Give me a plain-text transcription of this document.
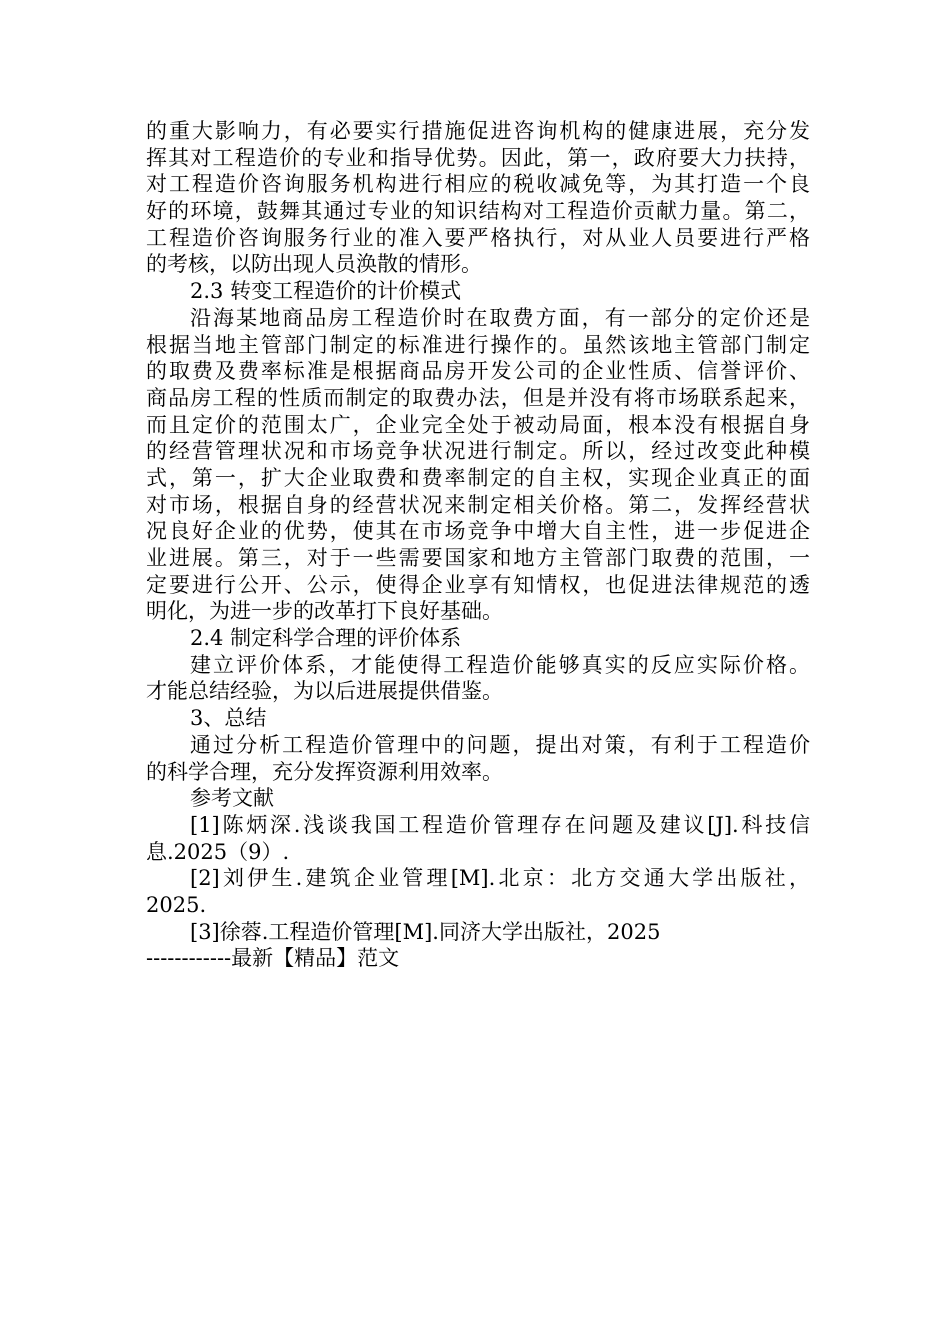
的重大影响力，有必要实行措施促进咨询机构的健康进展，充分发
挥其对工程造价的专业和指导优势。因此，第一，政府要大力扶持，
对工程造价咨询服务机构进行相应的税收减免等，为其打造一个良
好的环境，鼓舞其通过专业的知识结构对工程造价贡献力量。第二，
工程造价咨询服务行业的准入要严格执行，对从业人员要进行严格
的考核，以防出现人员涣散的情形。
2.3 转变工程造价的计价模式
沿海某地商品房工程造价时在取费方面，有一部分的定价还是
根据当地主管部门制定的标准进行操作的。虽然该地主管部门制定
的取费及费率标准是根据商品房开发公司的企业性质、信誉评价、
商品房工程的性质而制定的取费办法，但是并没有将市场联系起来，
而且定价的范围太广，企业完全处于被动局面，根本没有根据自身
的经营管理状况和市场竞争状况进行制定。所以，经过改变此种模
式，第一，扩大企业取费和费率制定的自主权，实现企业真正的面
对市场，根据自身的经营状况来制定相关价格。第二，发挥经营状
况良好企业的优势，使其在市场竞争中增大自主性，进一步促进企
业进展。第三，对于一些需要国家和地方主管部门取费的范围，一
定要进行公开、公示，使得企业享有知情权，也促进法律规范的透
明化，为进一步的改革打下良好基础。
2.4 制定科学合理的评价体系
建立评价体系，才能使得工程造价能够真实的反应实际价格。
才能总结经验，为以后进展提供借鉴。
3、总结
通过分析工程造价管理中的问题，提出对策，有利于工程造价
的科学合理，充分发挥资源利用效率。
参考文献
[1]陈炳深.浅谈我国工程造价管理存在问题及建议[J].科技信
息.2025（9）.
[2]刘伊生.建筑企业管理[M].北京：北方交通大学出版社，
2025.
[3]徐蓉.工程造价管理[M].同济大学出版社，2025
------------最新【精品】范文
